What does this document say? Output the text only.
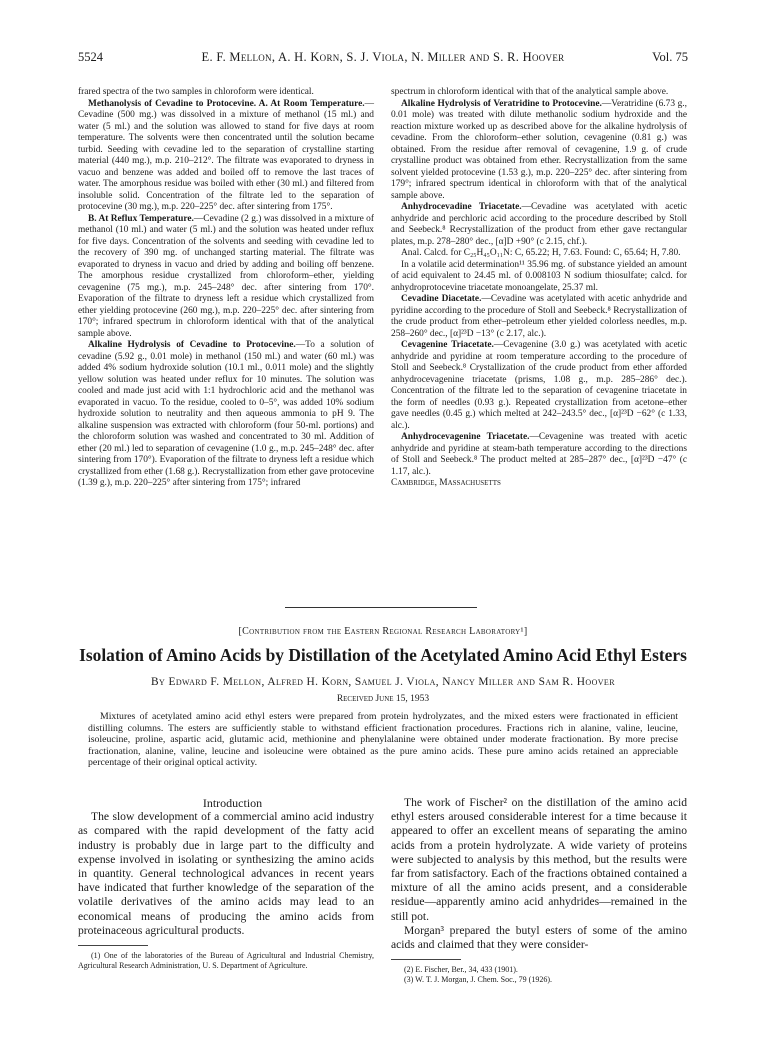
5524	E. F. Mellon, A. H. Korn, S. J. Viola, N. Miller and S. R. Hoover	Vol. 75

frared spectra of the two samples in chloroform were identical.

Methanolysis of Cevadine to Protocevine. A. At Room Temperature.—Cevadine (500 mg.) was dissolved in a mixture of methanol (15 ml.) and water (5 ml.) and the solution was allowed to stand for five days at room temperature. The solvents were then concentrated until the solution became turbid. Seeding with cevadine led to the separation of crystalline starting material (440 mg.), m.p. 210–212°. The filtrate was evaporated to dryness in vacuo and benzene was added and boiled off to remove the last traces of water. The amorphous residue was boiled with ether (30 ml.) and filtered from insoluble solid. Concentration of the filtrate led to the separation of protocevine (30 mg.), m.p. 220–225° dec. after sintering from 175°.

B. At Reflux Temperature.—Cevadine (2 g.) was dissolved in a mixture of methanol (10 ml.) and water (5 ml.) and the solution was heated under reflux for five days. Concentration of the solvents and seeding with cevadine led to the recovery of 390 mg. of unchanged starting material. The filtrate was evaporated to dryness in vacuo and dried by adding and boiling off benzene. The amorphous residue crystallized from chloroform–ether, yielding cevagenine (75 mg.), m.p. 245–248° dec. after sintering from 170°. Evaporation of the filtrate to dryness left a residue which crystallized from ether yielding protocevine (260 mg.), m.p. 220–225° dec. after sintering from 170°; infrared spectrum in chloroform identical with that of the analytical sample above.

Alkaline Hydrolysis of Cevadine to Protocevine.—To a solution of cevadine (5.92 g., 0.01 mole) in methanol (150 ml.) and water (60 ml.) was added 4% sodium hydroxide solution (10.1 ml., 0.011 mole) and the slightly yellow solution was heated under reflux for 10 minutes. The solution was cooled and made just acid with 1:1 hydrochloric acid and the methanol was evaporated in vacuo. To the residue, cooled to 0–5°, was added 10% sodium hydroxide solution to neutrality and then aqueous ammonia to pH 9. The alkaline suspension was extracted with chloroform (four 50-ml. portions) and the chloroform solution was washed and concentrated to 30 ml. Addition of ether (20 ml.) led to separation of cevagenine (1.0 g., m.p. 245–248° dec. after sintering from 170°). Evaporation of the filtrate to dryness left a residue which crystallized from ether (1.68 g.). Recrystallization from ether gave protocevine (1.39 g.), m.p. 220–225° after sintering from 175°; infrared

spectrum in chloroform identical with that of the analytical sample above.

Alkaline Hydrolysis of Veratridine to Protocevine.—Veratridine (6.73 g., 0.01 mole) was treated with dilute methanolic sodium hydroxide and the reaction mixture worked up as described above for the alkaline hydrolysis of cevadine. From the chloroform–ether solution, cevagenine (0.81 g.) was obtained. From the residue after removal of cevagenine, 1.9 g. of crude crystalline product was obtained from ether. Recrystallization from the same solvent yielded protocevine (1.53 g.), m.p. 220–225° dec. after sintering from 179°; infrared spectrum identical in chloroform with that of the analytical sample above.

Anhydrocevadine Triacetate.—Cevadine was acetylated with acetic anhydride and perchloric acid according to the procedure described by Stoll and Seebeck.⁸ Recrystallization of the product from ether gave rectangular plates, m.p. 278–280° dec., [α]D +90° (c 2.15, chf.).

Anal. Calcd. for C₂₅H₄₅O₁₁N: C, 65.22; H, 7.63. Found: C, 65.64; H, 7.80.

In a volatile acid determination¹¹ 35.96 mg. of substance yielded an amount of acid equivalent to 24.45 ml. of 0.008103 N sodium thiosulfate; calcd. for anhydroprotocevine triacetate monoangelate, 25.37 ml.

Cevadine Diacetate.—Cevadine was acetylated with acetic anhydride and pyridine according to the procedure of Stoll and Seebeck.⁸ Recrystallization of the crude product from ether–petroleum ether yielded colorless needles, m.p. 258–260° dec., [α]²³D −13° (c 2.17, alc.).

Cevagenine Triacetate.—Cevagenine (3.0 g.) was acetylated with acetic anhydride and pyridine at room temperature according to the procedure of Stoll and Seebeck.⁸ Crystallization of the crude product from ether afforded anhydrocevagenine triacetate (prisms, 1.08 g., m.p. 285–286° dec.). Concentration of the filtrate led to the separation of cevagenine triacetate in the form of needles (0.93 g.). Repeated crystallization from acetone–ether gave needles (0.45 g.) which melted at 242–243.5° dec., [α]²³D −62° (c 1.33, alc.).

Anhydrocevagenine Triacetate.—Cevagenine was treated with acetic anhydride and pyridine at steam-bath temperature according to the directions of Stoll and Seebeck.⁸ The product melted at 285–287° dec., [α]²³D −47° (c 1.17, alc.).

Cambridge, Massachusetts

[Contribution from the Eastern Regional Research Laboratory¹]
Isolation of Amino Acids by Distillation of the Acetylated Amino Acid Ethyl Esters
By Edward F. Mellon, Alfred H. Korn, Samuel J. Viola, Nancy Miller and Sam R. Hoover
Received June 15, 1953

Mixtures of acetylated amino acid ethyl esters were prepared from protein hydrolyzates, and the mixed esters were fractionated in efficient distilling columns. The esters are sufficiently stable to withstand efficient fractionation procedures. Fractions rich in alanine, valine, leucine, isoleucine, proline, aspartic acid, glutamic acid, methionine and phenylalanine were obtained under moderate fractionation. By more precise fractionation, alanine, valine, leucine and isoleucine were obtained as the pure amino acids. These pure amino acids retained an appreciable percentage of their original optical activity.

Introduction

The slow development of a commercial amino acid industry as compared with the rapid development of the fatty acid industry is probably due in large part to the difficulty and expense involved in isolating or synthesizing the amino acids in quantity. General technological advances in recent years have indicated that further knowledge of the separation of the volatile derivatives of the amino acids may lead to an economical means of producing the amino acids from proteinaceous agricultural products.

(1) One of the laboratories of the Bureau of Agricultural and Industrial Chemistry, Agricultural Research Administration, U. S. Department of Agriculture.

The work of Fischer² on the distillation of the amino acid ethyl esters aroused considerable interest for a time because it appeared to offer an excellent means of separating the amino acids from a protein hydrolyzate. A wide variety of proteins were subjected to analysis by this method, but the results were far from satisfactory. Each of the fractions obtained contained a mixture of all the amino acids present, and a considerable residue—apparently amino acid anhydrides—remained in the still pot.

Morgan³ prepared the butyl esters of some of the amino acids and claimed that they were consider-

(2) E. Fischer, Ber., 34, 433 (1901).

(3) W. T. J. Morgan, J. Chem. Soc., 79 (1926).
